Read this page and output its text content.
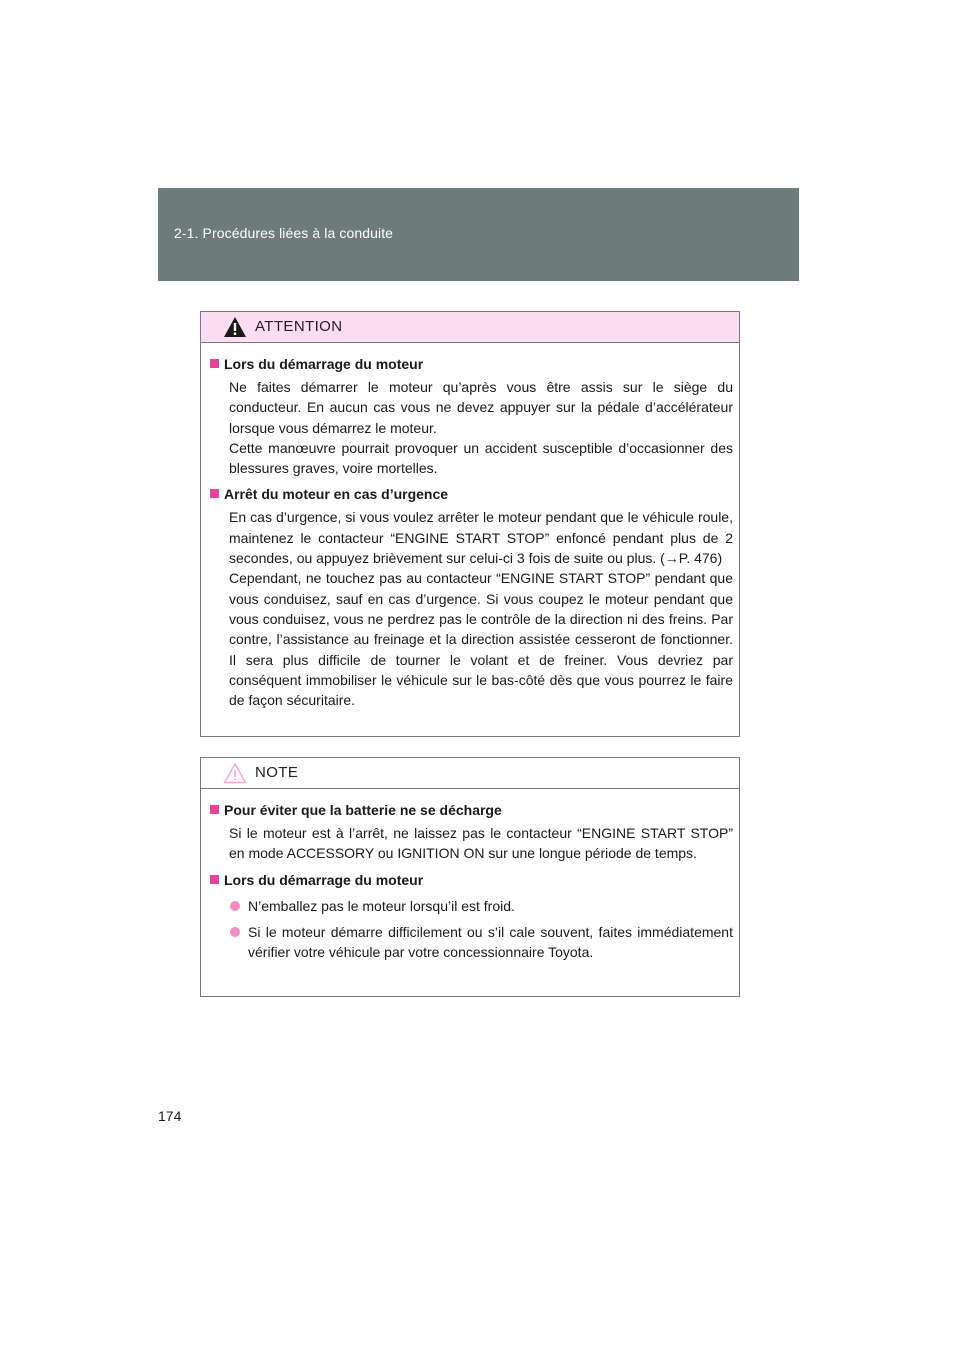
2-1. Procédures liées à la conduite
ATTENTION
Lors du démarrage du moteur

Ne faites démarrer le moteur qu’après vous être assis sur le siège du conducteur. En aucun cas vous ne devez appuyer sur la pédale d’accélérateur lorsque vous démarrez le moteur.

Cette manœuvre pourrait provoquer un accident susceptible d’occasionner des blessures graves, voire mortelles.

Arrêt du moteur en cas d’urgence

En cas d’urgence, si vous voulez arrêter le moteur pendant que le véhicule roule, maintenez le contacteur “ENGINE START STOP” enfoncé pendant plus de 2 secondes, ou appuyez brièvement sur celui-ci 3 fois de suite ou plus. (→P. 476)

Cependant, ne touchez pas au contacteur “ENGINE START STOP” pendant que vous conduisez, sauf en cas d’urgence. Si vous coupez le moteur pendant que vous conduisez, vous ne perdrez pas le contrôle de la direction ni des freins. Par contre, l’assistance au freinage et la direction assistée cesseront de fonctionner. Il sera plus difficile de tourner le volant et de freiner. Vous devriez par conséquent immobiliser le véhicule sur le bas-côté dès que vous pourrez le faire de façon sécuritaire.

NOTE
Pour éviter que la batterie ne se décharge

Si le moteur est à l’arrêt, ne laissez pas le contacteur “ENGINE START STOP” en mode ACCESSORY ou IGNITION ON sur une longue période de temps.

Lors du démarrage du moteur
N’emballez pas le moteur lorsqu’il est froid.
Si le moteur démarre difficilement ou s’il cale souvent, faites immédiatement vérifier votre véhicule par votre concessionnaire Toyota.
174
